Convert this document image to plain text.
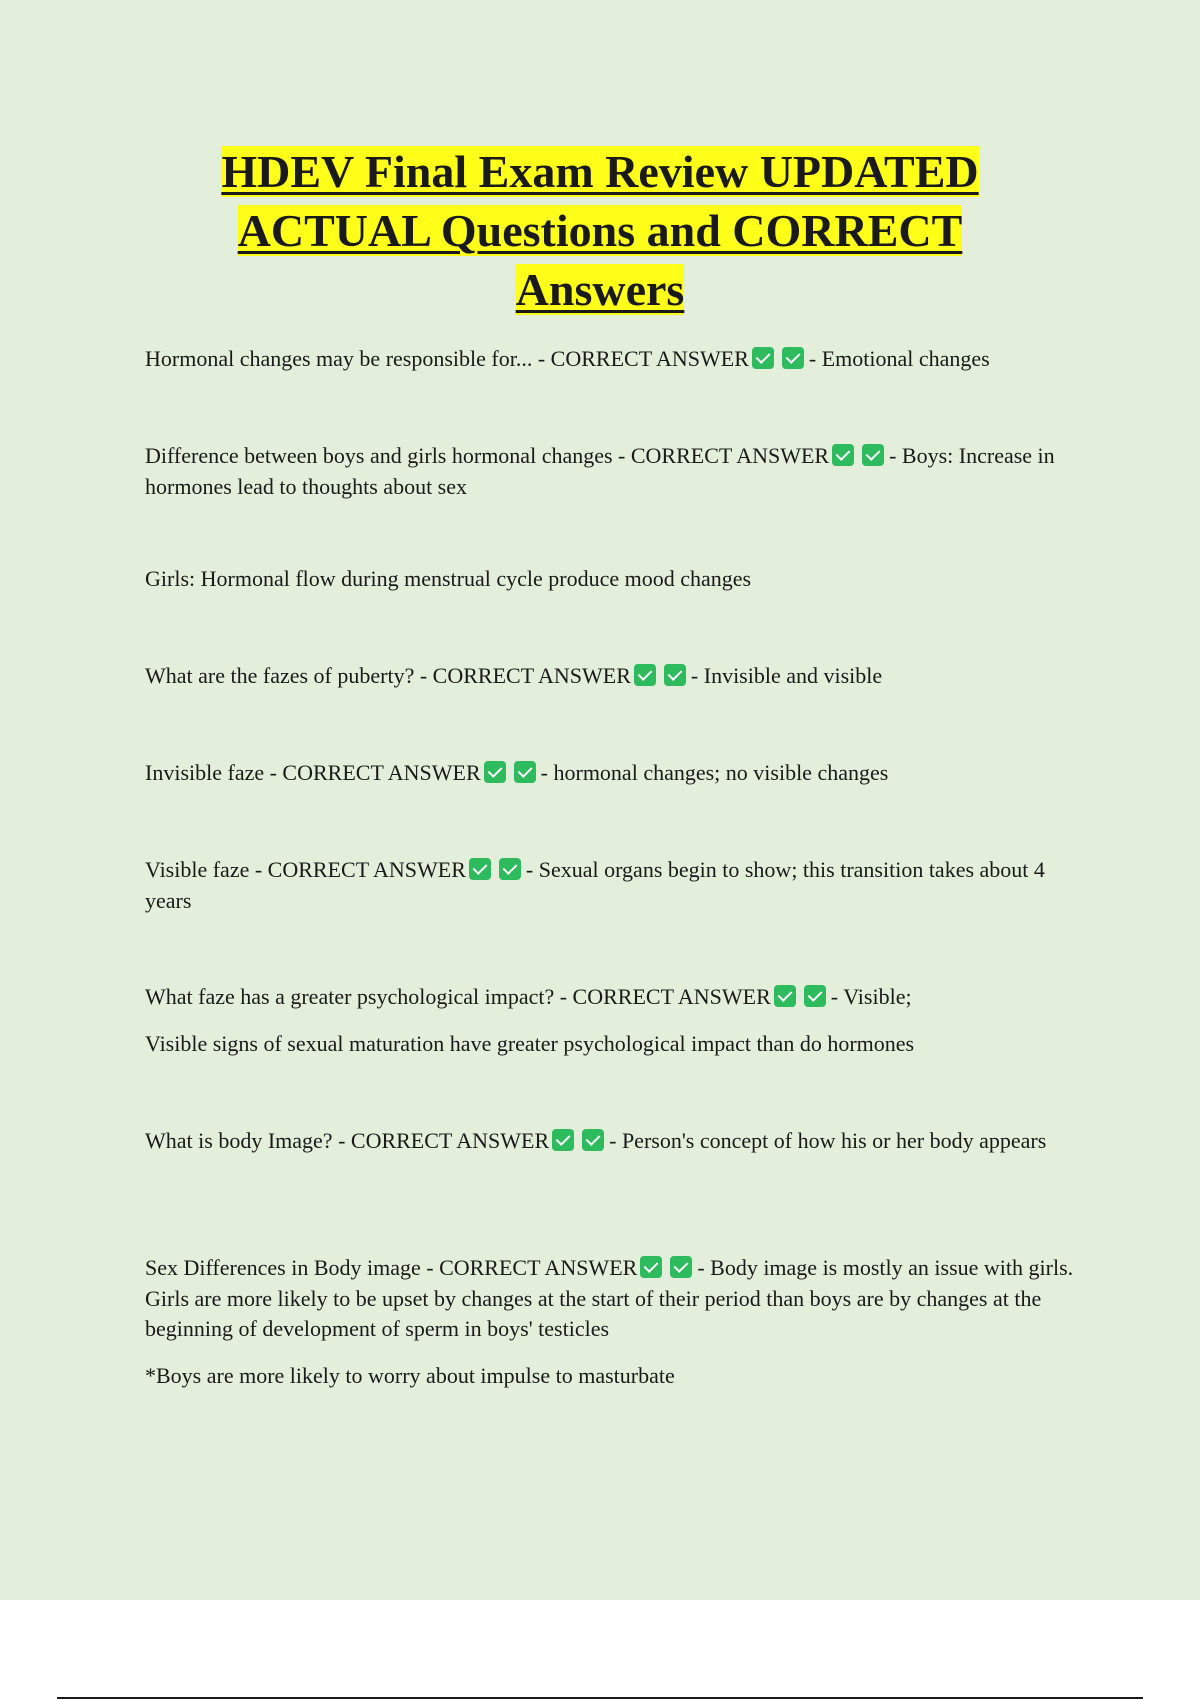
HDEV Final Exam Review UPDATED
ACTUAL Questions and CORRECT
Answers

Hormonal changes may be responsible for... - CORRECT ANSWER	- Emotional changes

Difference between boys and girls hormonal changes - CORRECT ANSWER	- Boys: Increase in hormones lead to thoughts about sex

Girls: Hormonal flow during menstrual cycle produce mood changes

What are the fazes of puberty? - CORRECT ANSWER	- Invisible and visible

Invisible faze - CORRECT ANSWER	- hormonal changes; no visible changes

Visible faze - CORRECT ANSWER	- Sexual organs begin to show; this transition takes about 4 years

What faze has a greater psychological impact? - CORRECT ANSWER	- Visible;

Visible signs of sexual maturation have greater psychological impact than do hormones

What is body Image? - CORRECT ANSWER	- Person's concept of how his or her body appears

Sex Differences in Body image - CORRECT ANSWER	- Body image is mostly an issue with girls. Girls are more likely to be upset by changes at the start of their period than boys are by changes at the beginning of development of sperm in boys' testicles

*Boys are more likely to worry about impulse to masturbate
